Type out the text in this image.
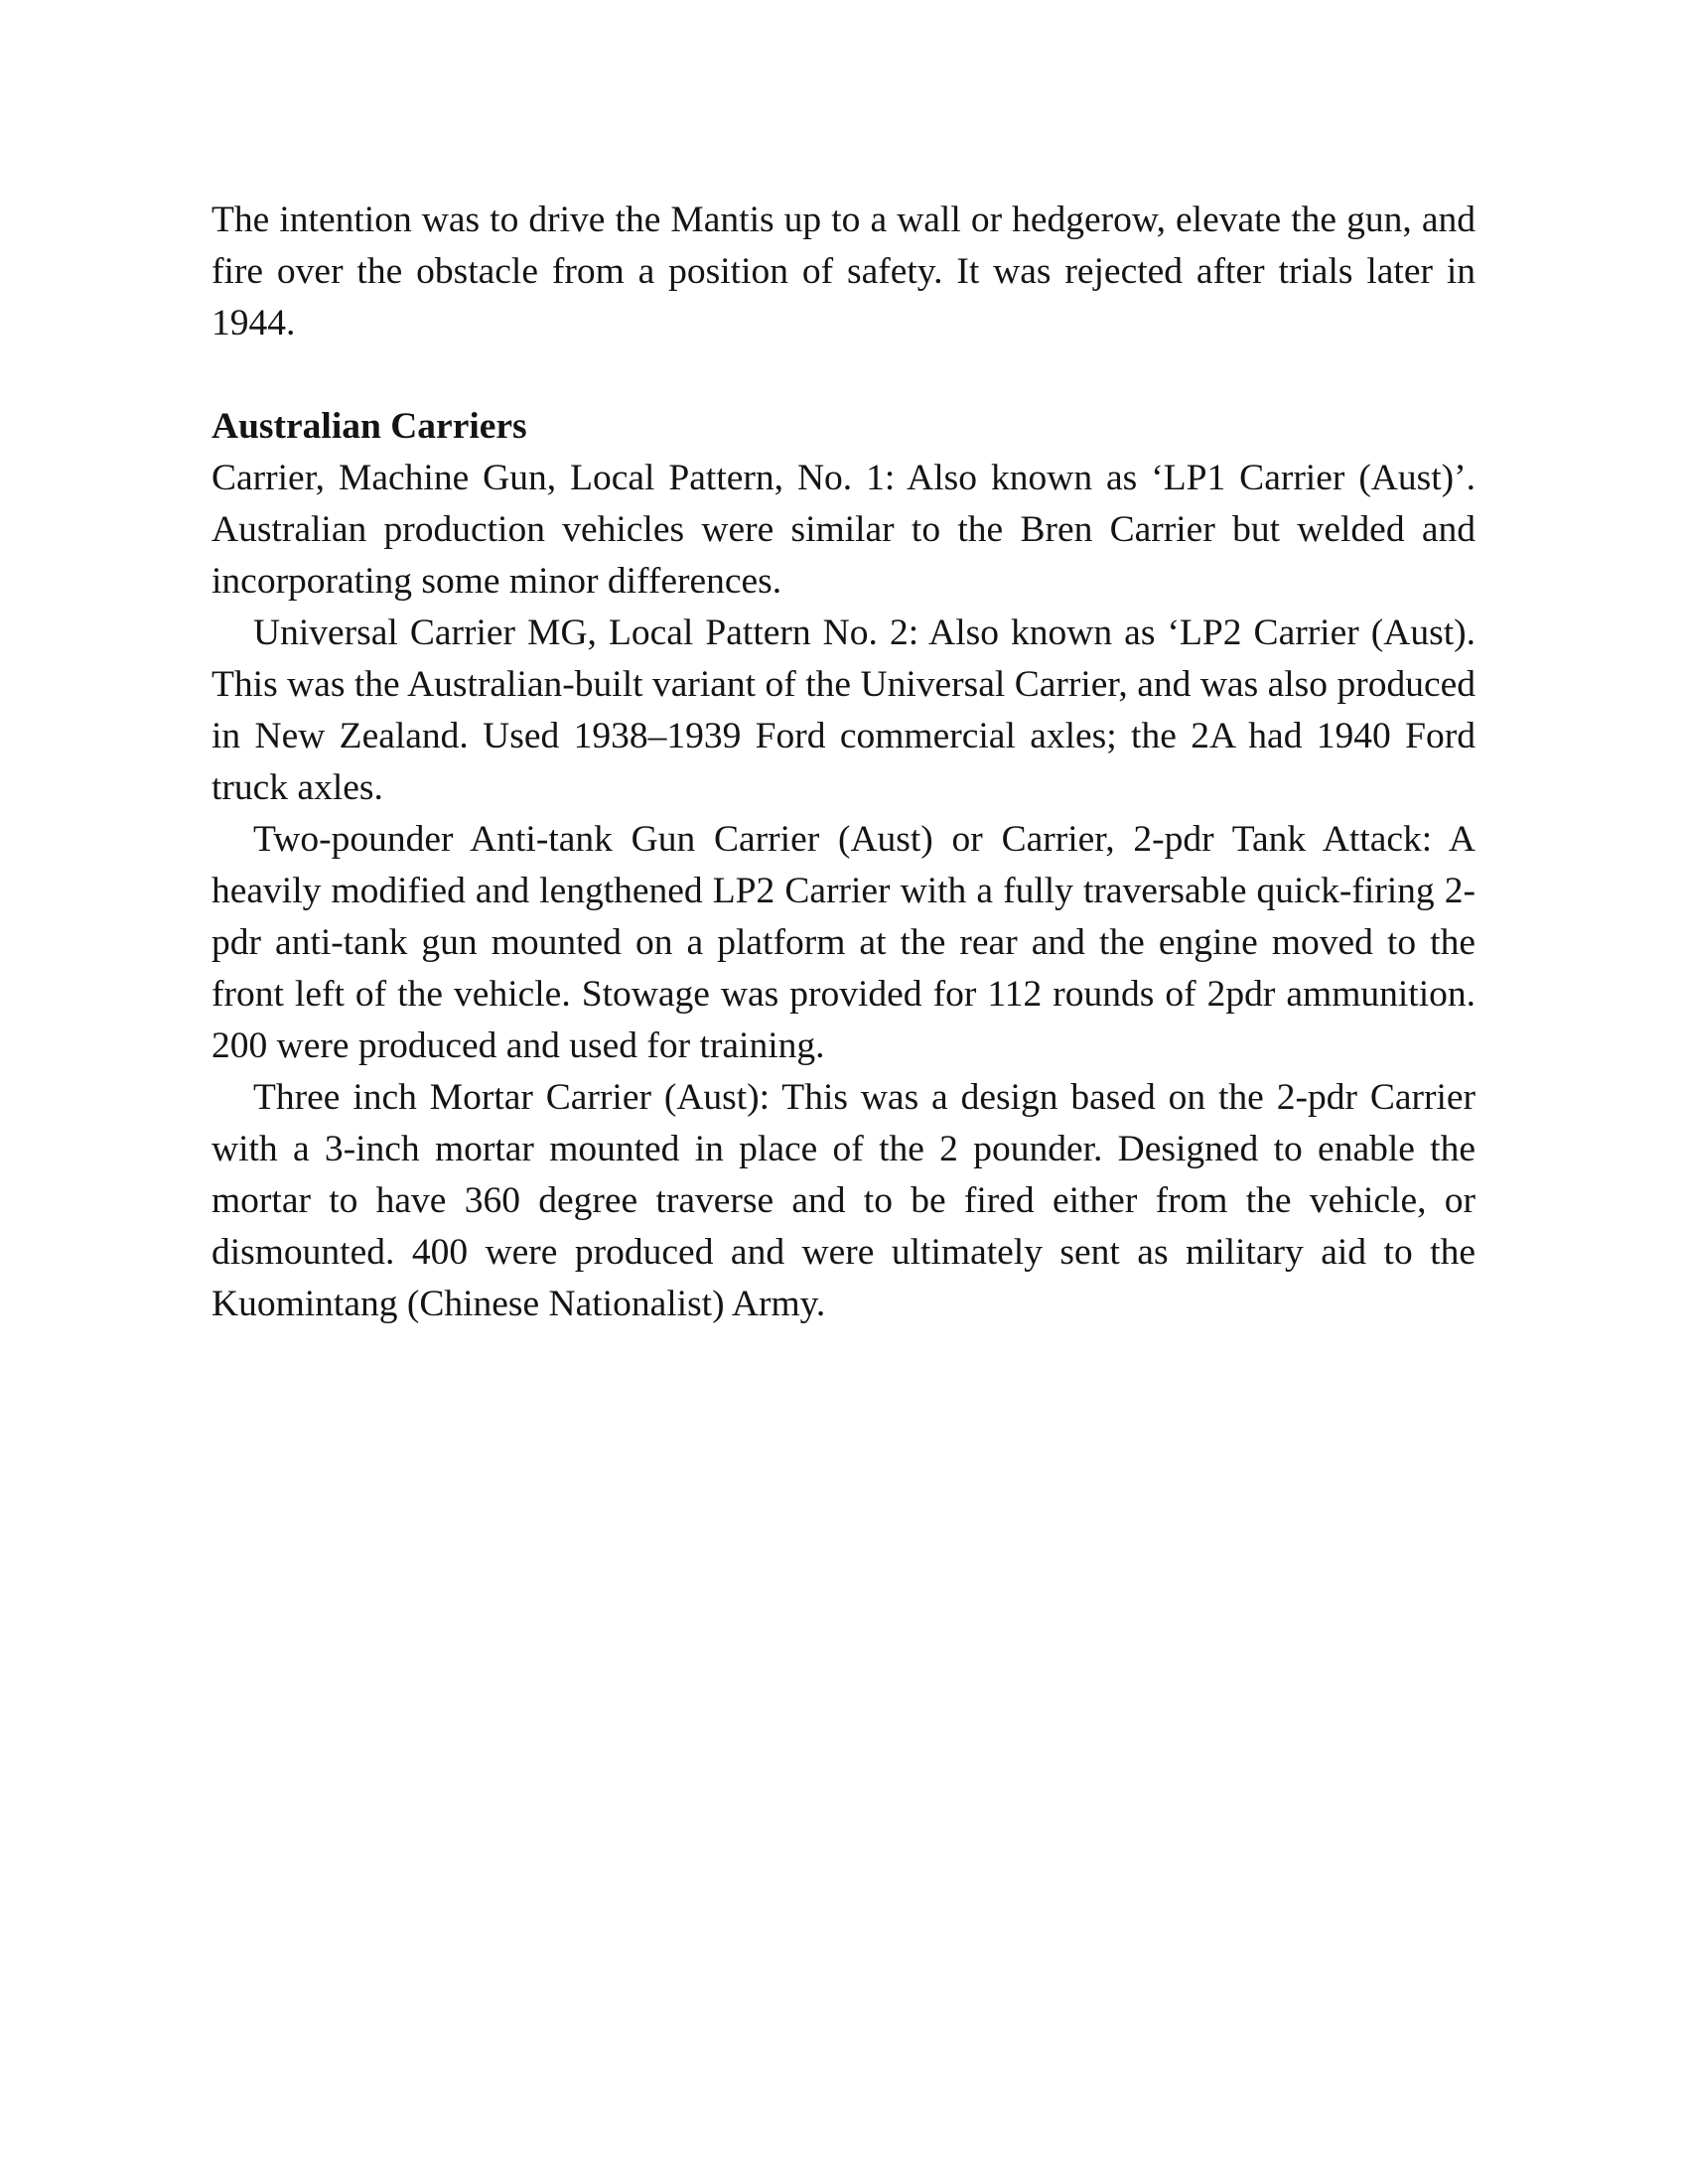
The intention was to drive the Mantis up to a wall or hedgerow, elevate the gun, and fire over the obstacle from a position of safety. It was rejected after trials later in 1944.

Australian Carriers

Carrier, Machine Gun, Local Pattern, No. 1: Also known as ‘LP1 Carrier (Aust)’. Australian production vehicles were similar to the Bren Carrier but welded and incorporating some minor differences.

Universal Carrier MG, Local Pattern No. 2: Also known as ‘LP2 Carrier (Aust). This was the Australian-built variant of the Universal Carrier, and was also produced in New Zealand. Used 1938–1939 Ford commercial axles; the 2A had 1940 Ford truck axles.

Two-pounder Anti-tank Gun Carrier (Aust) or Carrier, 2-pdr Tank Attack: A heavily modified and lengthened LP2 Carrier with a fully traversable quick-firing 2-pdr anti-tank gun mounted on a platform at the rear and the engine moved to the front left of the vehicle. Stowage was provided for 112 rounds of 2pdr ammunition. 200 were produced and used for training.

Three inch Mortar Carrier (Aust): This was a design based on the 2-pdr Carrier with a 3-inch mortar mounted in place of the 2 pounder. Designed to enable the mortar to have 360 degree traverse and to be fired either from the vehicle, or dismounted. 400 were produced and were ultimately sent as military aid to the Kuomintang (Chinese Nationalist) Army.
